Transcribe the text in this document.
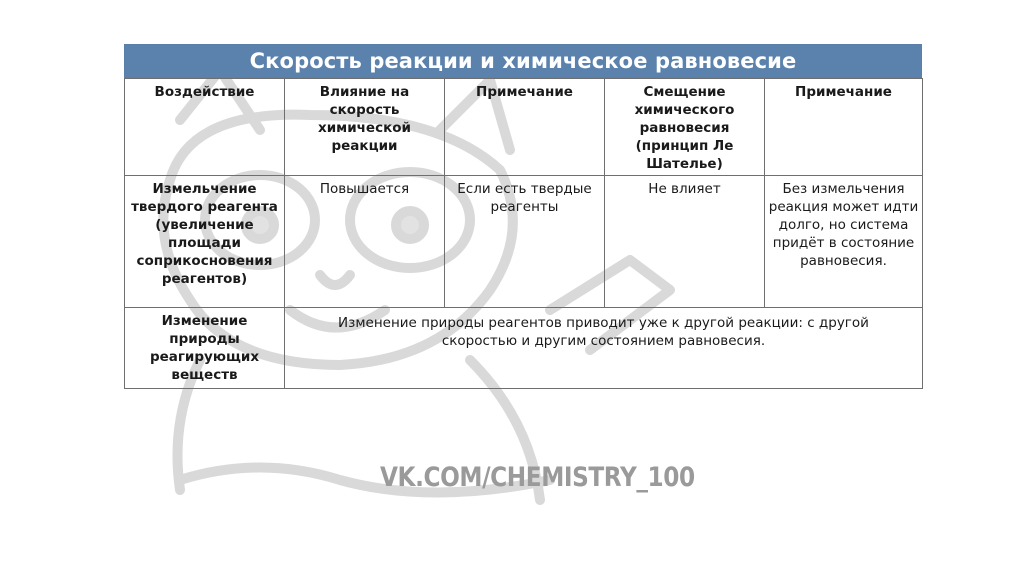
Скорость реакции и химическое равновесие
Воздействие	Влияние на скорость химической реакции	Примечание	Смещение химического равновесия (принцип Ле Шателье)	Примечание
Измельчение твердого реагента (увеличение площади соприкосновения реагентов)	Повышается	Если есть твердые реагенты	Не влияет	Без измельчения реакция может идти долго, но система придёт в состояние равновесия.
Изменение природы реагирующих веществ	Изменение природы реагентов приводит уже к другой реакции: с другой скоростью и другим состоянием равновесия.			
VK.COM/CHEMISTRY_100
